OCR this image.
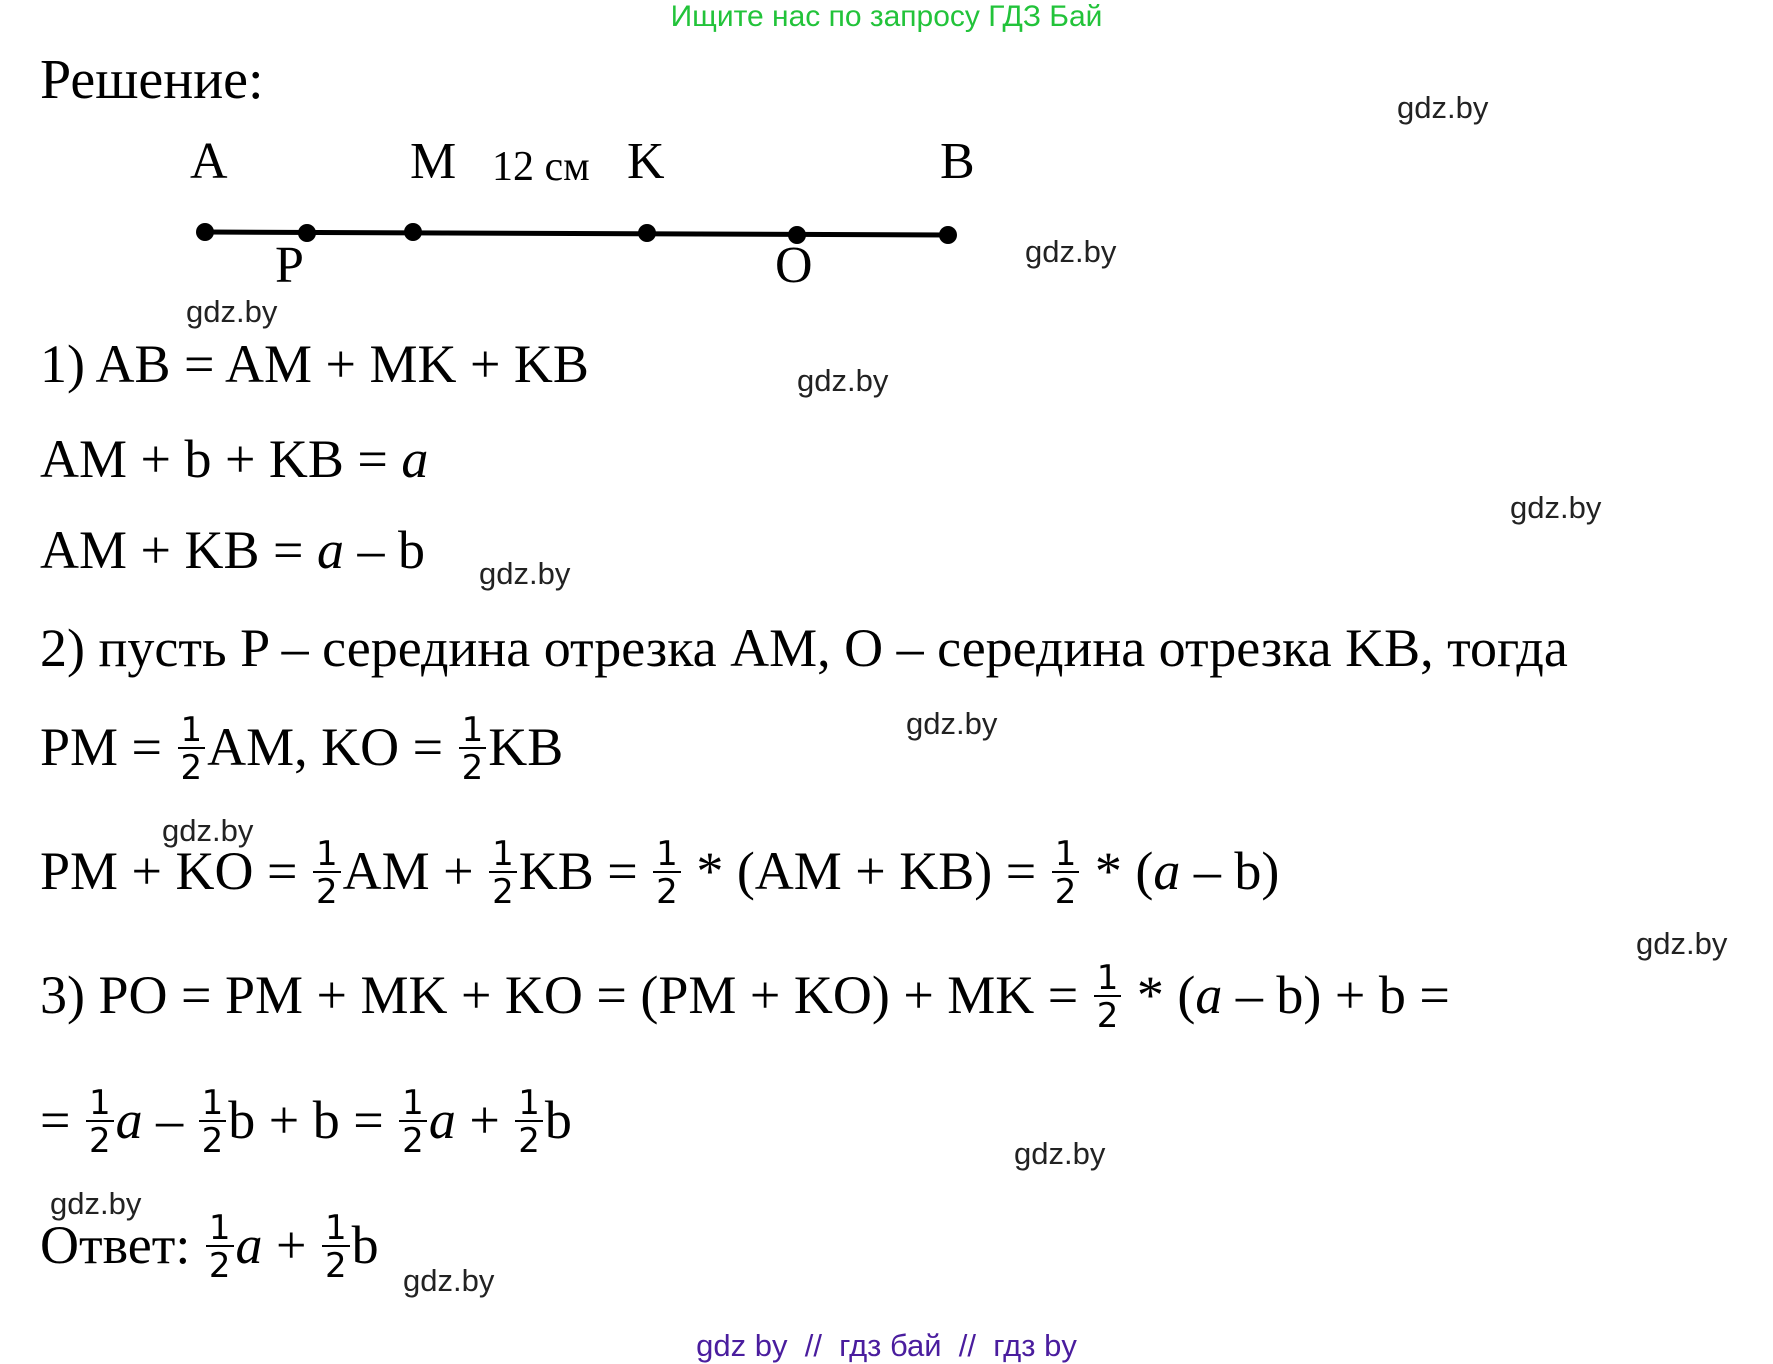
Ищите нас по запросу ГДЗ Бай
Решение:
A	M 12 см K	B
P	O
gdz.by
gdz.by
gdz.by
gdz.by
gdz.by
gdz.by
gdz.by
gdz.by
gdz.by
gdz.by
gdz.by
gdz.by
1) AB = AM + MK + KB
AM + b + KB = a
AM + KB = a – b
2) пусть P – середина отрезка AM, O – середина отрезка KB, тогда
PM = $\frac{1}{2}$ AM, KO = $\frac{1}{2}$ KB
PM + KO = $\frac{1}{2}$ AM + $\frac{1}{2}$ KB = $\frac{1}{2} * (AM + KB) = \frac{1}{2} * (a - b)$
3) PO = PM + MK + KO = (PM + KO) + MK = $\frac{1}{2} * (a - b) + b$ =
= $\frac{1}{2}$ a – $\frac{1}{2}$ $b + b = \frac{1}{2}$ $a + \frac{1}{2}$ b
Ответ: $\frac{1}{2}$ $a + \frac{1}{2}$ b
gdz by  //  гдз бай  //  гдз by
